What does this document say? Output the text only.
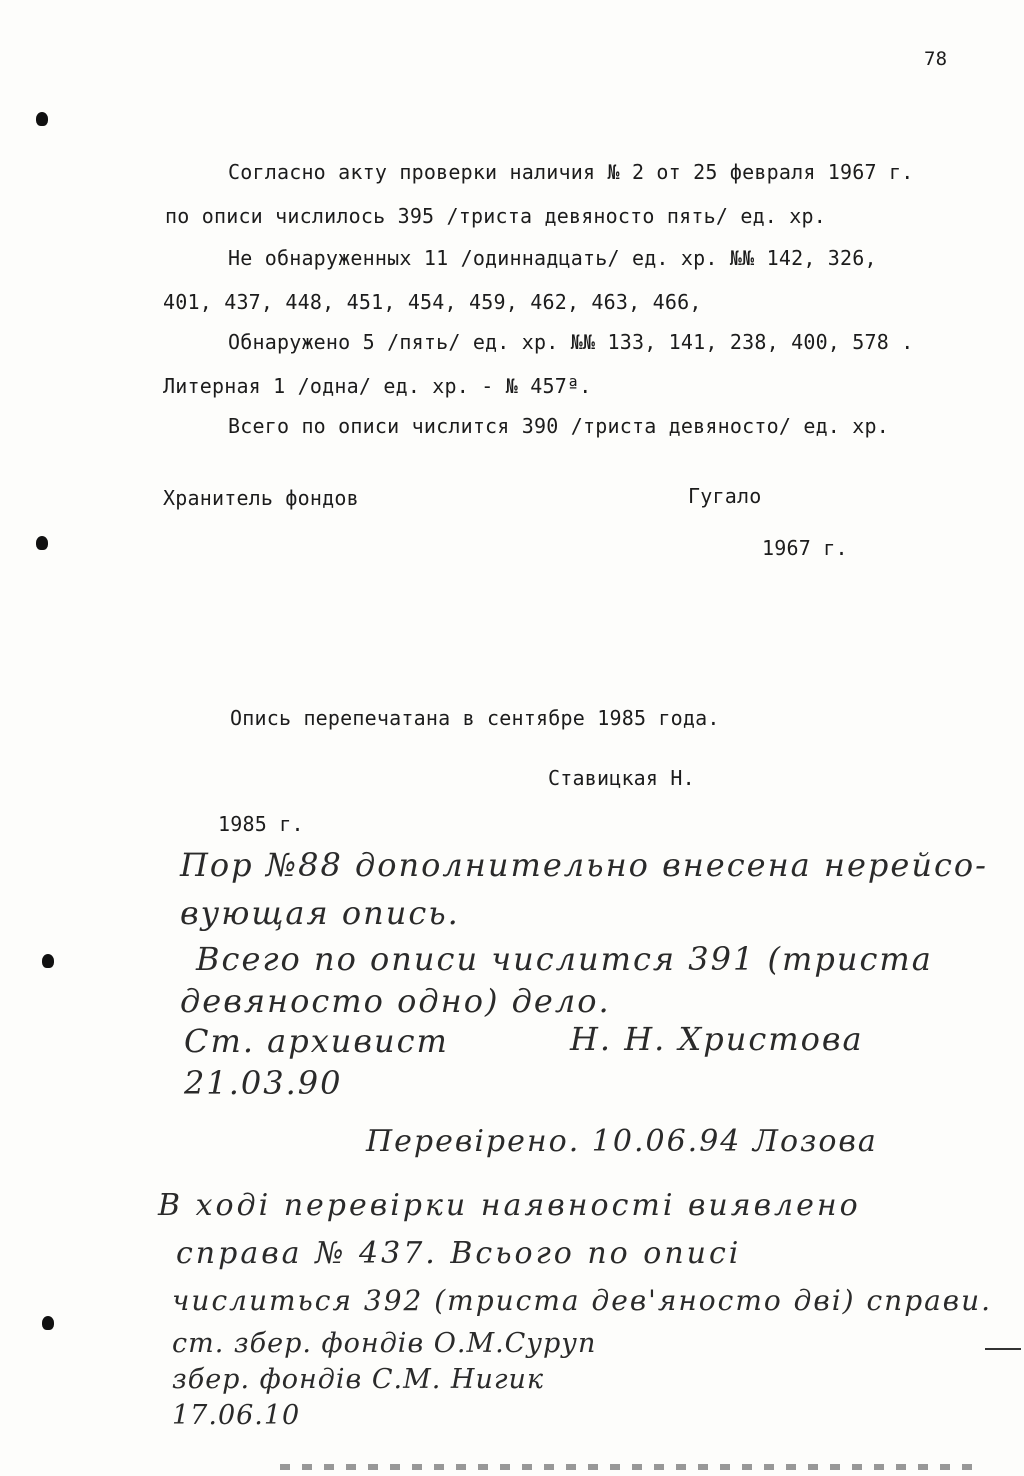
78
Согласно акту проверки наличия № 2 от 25 февраля 1967 г.
по описи числилось 395 /триста девяносто пять/ ед. хр.
Не обнаруженных 11 /одиннадцать/ ед. хр. №№ 142, 326,
401, 437, 448, 451, 454, 459, 462, 463, 466,
Обнаружено 5 /пять/ ед. хр. №№ 133, 141, 238, 400, 578 .
Литерная 1 /одна/ ед. хр. - № 457ª.
Всего по описи числится 390 /триста девяносто/ ед. хр.
Хранитель фондов	Гугало
1967 г.
Опись перепечатана в сентябре 1985 года.
Ставицкая Н.
1985 г.
Пор №88 дополнительно внесена нерейсо-
вующая опись.
Всего по описи числится 391 (триста
девяносто одно) дело.
Ст. архивист	Н. Н. Христова
21.03.90
Перевірено. 10.06.94 Лозова
В ході перевірки наявності виявлено
справа № 437. Всього по описі
числиться 392 (триста дев'яносто дві) справи.
ст. збер. фондів О.М.Суруп
збер. фондів С.М. Нигик
17.06.10
